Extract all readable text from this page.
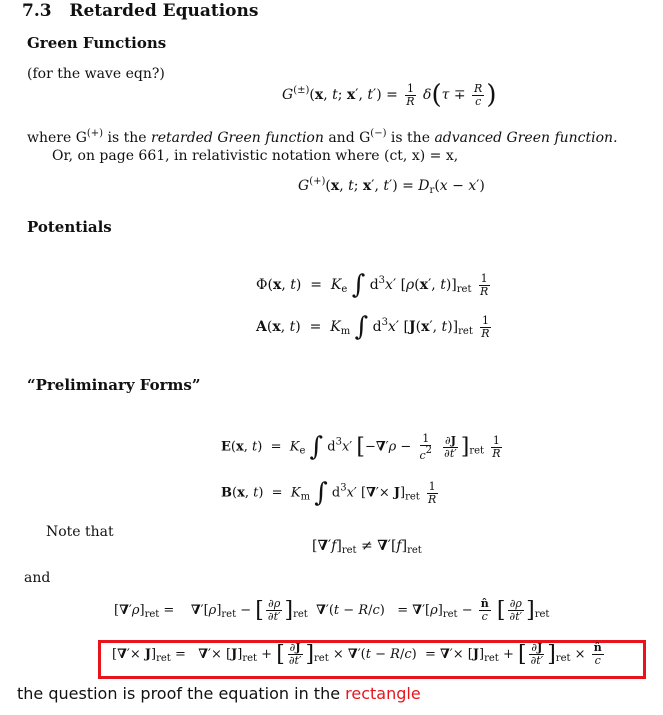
7.3 Retarded Equations
Green Functions
(for the wave eqn?)
G(±)(x, t; x′, $t') = \frac{1}{R} \delta(\tau \mp \frac{R}{c}$ )
where G(+) is the retarded Green function and G(−) is the advanced Green function.
Or, on page 661, in relativistic notation where (ct, x) = x,
G(+)(x, t; x′, $t') = D_r(x - x')$
Potentials
Φ(x, $t) = K_e$ ∫ $d^3x'$ [ρ(x′, $t)]_{ret} \frac{1}{R}$
A(x, $t) = K_m$ ∫ $d^3x'$ [J(x′, $t)]_{ret} \frac{1}{R}$
“Preliminary Forms”
E(x, $t) = K_e$ ∫ $d^3x'$ [$-\nabla'\rho - \frac{1}{c2}$
$\frac{\partial J}{\partial t'} ]_{ret} \frac{1}{R}$
B(x, $t) = K_m$ ∫ $d^3x'$ [∇′× $J]_{ret} \frac{1}{R}$
Note that
$[\nabla'f]_{ret} \ne \nabla'[f]_{ret}$
and
$[\nabla'\rho]_{ret}$ =    $\nabla'[\rho]_{ret}$ − [ $\frac{\partial\rho}{\partial t'} ]_{ret}$ $\nabla'(t - R/c) = \nabla'[\rho]_{ret} - \frac{n̂}{c}$ [ $\frac{\partial\rho}{\partial t'} ]_{ret}$
[∇′× $J]_{ret}$ =   ∇′× $[J]_{ret}$ + [ $\frac{\partial J}{\partial t'} ]_{ret} \times \nabla'(t - R/c)$  = ∇′× $[J]_{ret}$ + [ $\frac{\partial J}{\partial t'} ]_{ret} \times \frac{n̂}{c}$
the question is proof the equation in the rectangle
